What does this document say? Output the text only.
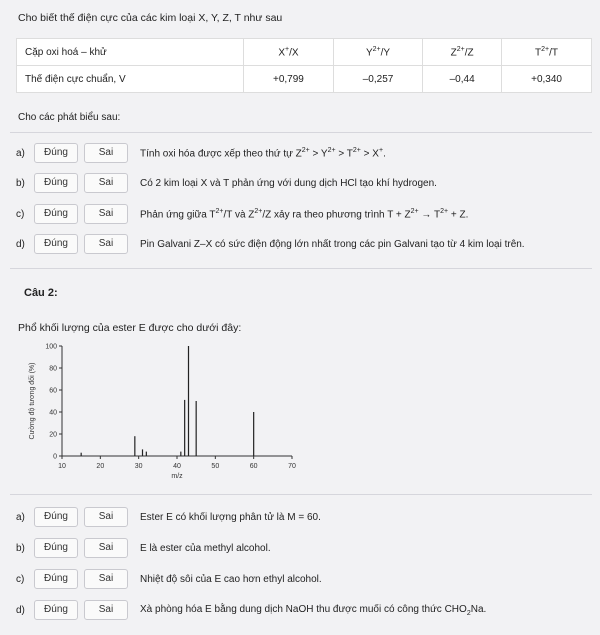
Cho biết thế điện cực của các kim loại X, Y, Z, T như sau
Cặp oxi hoá – khử	X+/X	$Y^{2+}/Y$	$Z^{2+}/Z$	$T^{2+}/T$
Thế điện cực chuẩn, V	+0,799	–0,257	–0,44	+0,340
Cho các phát biểu sau:
a)	Đúng	Sai	Tính oxi hóa được xếp theo thứ tự $Z^{2+} > Y^{2+} > T^{2+} > X^+$.
b)	Đúng	Sai	Có 2 kim loại X và T phản ứng với dung dịch HCl tạo khí hydrogen.
c)	Đúng	Sai	Phản ứng giữa $T^{2+}/T$ và $Z^{2+}/Z$ xảy ra theo phương trình $T + Z^{2+} \to T^{2+} + Z$.
d)	Đúng	Sai	Pin Galvani Z–X có sức điện động lớn nhất trong các pin Galvani tạo từ 4 kim loại trên.
Câu 2:
Phổ khối lượng của ester E được cho dưới đây:
10	20	30	40	50	60	70
0
20
40
60
80
100
m/z
Cường độ tương đối (%)
a)	Đúng	Sai	Ester E có khối lượng phân tử là M = 60.
b)	Đúng	Sai	E là ester của methyl alcohol.
c)	Đúng	Sai	Nhiệt độ sôi của E cao hơn ethyl alcohol.
d)	Đúng	Sai	Xà phòng hóa E bằng dung dịch NaOH thu được muối có công thức $CHO_2Na$.
